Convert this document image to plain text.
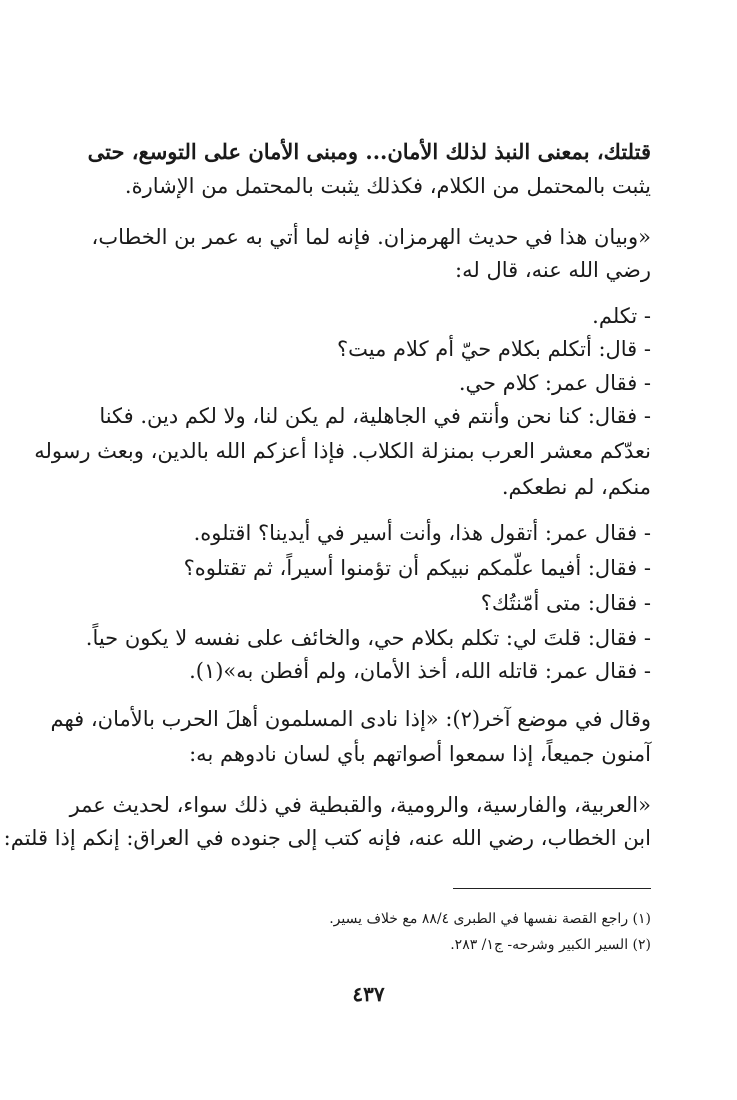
قتلتك، بمعنى النبذ لذلك الأمان... ومبنى الأمان على التوسع، حتى
يثبت بالمحتمل من الكلام، فكذلك يثبت بالمحتمل من الإشارة.
«وبيان هذا في حديث الهرمزان. فإنه لما أتي به عمر بن الخطاب،
رضي الله عنه، قال له:
- تكلم.
- قال: أتكلم بكلام حيّ أم كلام ميت؟
- فقال عمر: كلام حي.
- فقال: كنا نحن وأنتم في الجاهلية، لم يكن لنا، ولا لكم دين. فكنا
نعدّكم معشر العرب بمنزلة الكلاب. فإذا أعزكم الله بالدين، وبعث رسوله
منكم، لم نطعكم.
- فقال عمر: أتقول هذا، وأنت أسير في أيدينا؟ اقتلوه.
- فقال: أفيما علّمكم نبيكم أن تؤمنوا أسيراً، ثم تقتلوه؟
- فقال: متى أمّنتُك؟
- فقال: قلتَ لي: تكلم بكلام حي، والخائف على نفسه لا يكون حياً.
- فقال عمر: قاتله الله، أخذ الأمان، ولم أفطن به»(١).
وقال في موضع آخر(٢): «إذا نادى المسلمون أهلَ الحرب بالأمان، فهم
آمنون جميعاً، إذا سمعوا أصواتهم بأي لسان نادوهم به:
«العربية، والفارسية، والرومية، والقبطية في ذلك سواء، لحديث عمر
ابن الخطاب، رضي الله عنه، فإنه كتب إلى جنوده في العراق: إنكم إذا قلتم:
(١) راجع القصة نفسها في الطبرى ٨٨/٤ مع خلاف يسير.
(٢) السير الكبير وشرحه- ج١/ ٢٨٣.
٤٣٧
